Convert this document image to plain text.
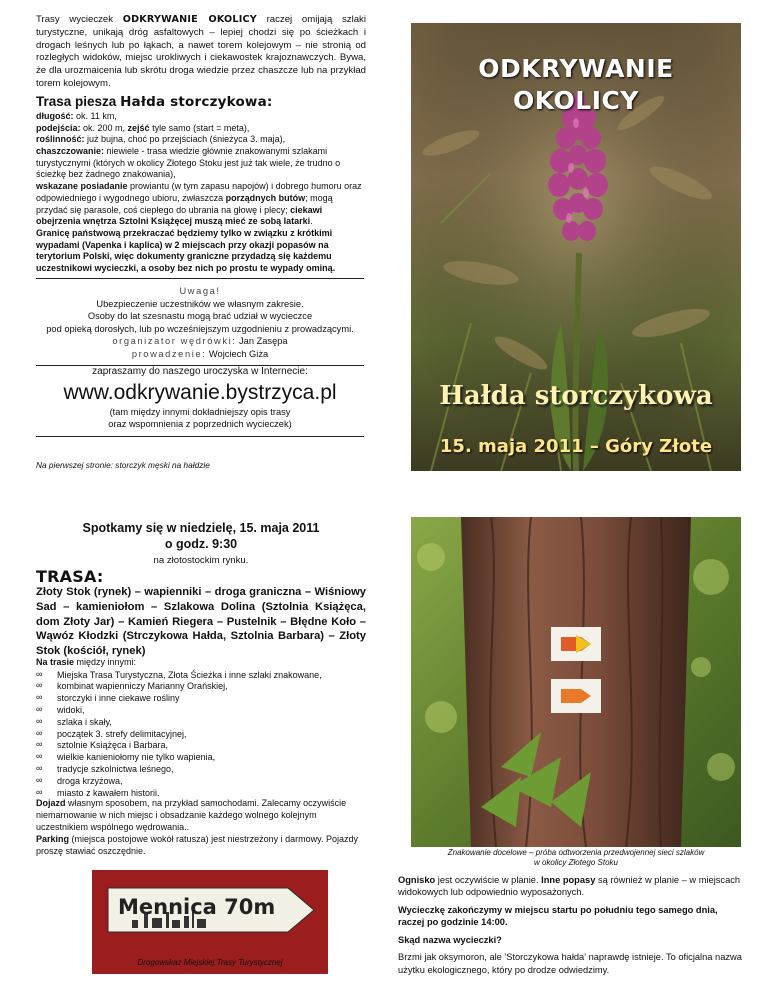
Trasy wycieczek ODKRYWANIE OKOLICY raczej omijają szlaki turystyczne, unikają dróg asfaltowych – lepiej chodzi się po ścieżkach i drogach leśnych lub po łąkach, a nawet torem kolejowym – nie stronią od rozległych widoków, miejsc urokliwych i ciekawostek krajoznawczych. Bywa, że dla urozmaicenia lub skrótu droga wiedzie przez chaszcze lub na przykład torem kolejowym.
Trasa piesza Hałda storczykowa:

długość: ok. 11 km,

podejścia: ok. 200 m, zejść tyle samo (start = meta),

roślinność: już bujna, choć po przejściach (śnieżyca 3. maja),

chaszczowanie: niewiele - trasa wiedzie głównie znakowanymi szlakami turystycznymi (których w okolicy Złotego Stoku jest już tak wiele, że trudno o ścieżkę bez żadnego znakowania),

wskazane posiadanie prowiantu (w tym zapasu napojów) i dobrego humoru oraz odpowiedniego i wygodnego ubioru, zwłaszcza porządnych butów; mogą przydać się parasole, coś ciepłego do ubrania na głowę i plecy; ciekawi obejrzenia wnętrza Sztolni Książęcej muszą mieć ze sobą latarki.

Granicę państwową przekraczać będziemy tylko w związku z krótkimi wypadami (Vapenka i kaplica) w 2 miejscach przy okazji popasów na terytorium Polski, więc dokumenty graniczne przydadzą się każdemu uczestnikowi wycieczki, a osoby bez nich po prostu te wypady ominą.

Uwaga!
Ubezpieczenie uczestników we własnym zakresie.
Osoby do lat szesnastu mogą brać udział w wycieczce
pod opieką dorosłych, lub po wcześniejszym uzgodnieniu z prowadzącymi.
organizator wędrówki: Jan Zasępa
prowadzenie: Wojciech Giża
zapraszamy do naszego uroczyska w Internecie:
www.odkrywanie.bystrzyca.pl
(tam między innymi dokładniejszy opis trasy
oraz wspomnienia z poprzednich wycieczek)
Na pierwszej stronie: storczyk męski na hałdzie
ODKRYWANIE OKOLICY
Hałda storczykowa
15. maja 2011 – Góry Złote
Spotkamy się w niedzielę, 15. maja 2011
o godz. 9:30
na złotostockim rynku.
TRASA:
Złoty Stok (rynek) – wapienniki – droga graniczna – Wiśniowy Sad – kamieniołom – Szlakowa Dolina (Sztolnia Książęca, dom Złoty Jar) – Kamień Riegera – Pustelnik – Błędne Koło – Wąwóz Kłodzki (Strczykowa Hałda, Sztolnia Barbara) – Złoty Stok (kościół, rynek)
Na trasie między innymi:
∞ Miejska Trasa Turystyczna, Złota Ścieżka i inne szlaki znakowane,
∞ kombinat wapienniczy Marianny Orańskiej,
∞ storczyki i inne ciekawe rośliny
∞ widoki,
∞ szlaka i skały,
∞ początek 3. strefy delimitacyjnej,
∞ sztolnie Książęca i Barbara,
∞ wielkie kanieniołomy nie tylko wapienia,
∞ tradycje szkolnictwa leśnego,
∞ droga krzyżowa,
∞ miasto z kawałem historii.

Dojazd własnym sposobem, na przykład samochodami. Zalecamy oczywiście niemarnowanie w nich miejsc i obsadzanie każdego wolnego kolejnym uczestnikiem wspólnego wędrowania..

Parking (miejsca postojowe wokół ratusza) jest niestrzeżony i darmowy. Pojazdy proszę stawiać oszczędnie.

Mennica 70m
Drogowskaz Miejskiej Trasy Turystycznej
Znakowanie docelowe – próba odtworzenia przedwojennej sieci szlaków
w okolicy Złotego Stoku

Ognisko jest oczywiście w planie. Inne popasy są również w planie – w miejscach widokowych lub odpowiednio wyposażonych.

Wycieczkę zakończymy w miejscu startu po południu tego samego dnia, raczej po godzinie 14:00.

Skąd nazwa wycieczki?

Brzmi jak oksymoron, ale 'Storczykowa hałda' naprawdę istnieje. To oficjalna nazwa użytku ekologicznego, który po drodze odwiedzimy.
